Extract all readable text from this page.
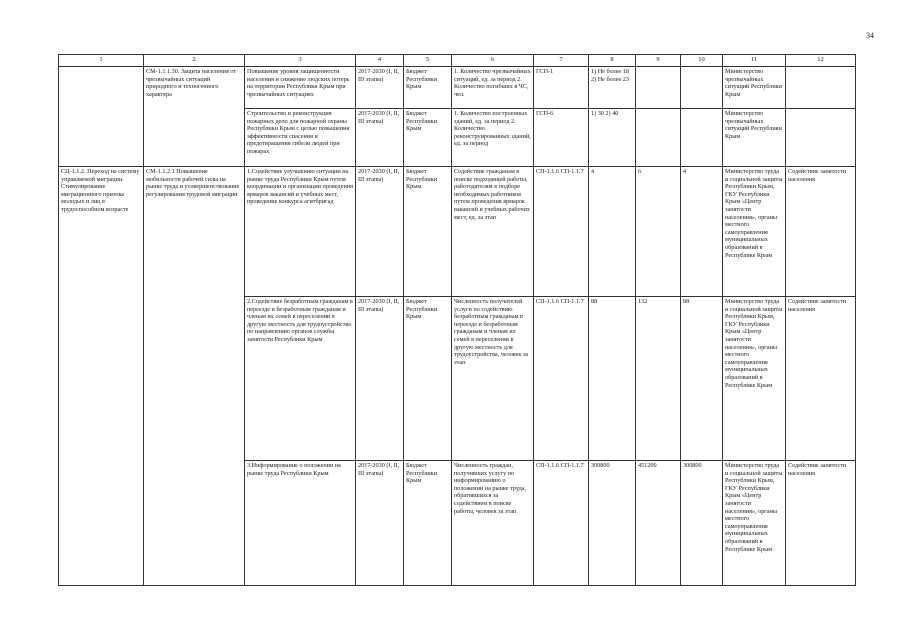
34
1	2	3	4	5	6	7	8	9	10	11	12
	СМ-1.1.1.30. Защита населения от чрезвычайных ситуаций природного и техногенного характера	Повышение уровня защищенности населения и снижение людских потерь на территории Республики Крым при чрезвычайных ситуациях	2017-2030 (I, II, III этапы)	Бюджет Республики Крым	1. Количество чрезвычайных ситуаций, ед. за период 2. Количество погибших в ЧС, чел.	ГСП-1	1) Не более 18 2) Не более 23			Министерство чрезвычайных ситуаций Республики Крым	
		Строительство и реконструкция пожарных депо для пожарной охраны Республики Крым с целью повышения эффективности спасения и предотвращения гибели людей при пожарах	2017-2030 (I, II, III этапы)	Бюджет Республики Крым	1. Количество построенных зданий, ед. за период 2. Количество реконструированных зданий, ед. за период	ГСП-6	1) 30 2) 40			Министерство чрезвычайных ситуаций Республики Крым	
СЦ-1.1.2. Переход на систему управляемой миграции. Стимулирование миграционного притока молодых и лиц в трудоспособном возрасте	СМ-1.1.2.1 Повышение мобильности рабочей силы на рынке труда и усовершенствование регулирования трудовой миграции	1.Содействие улучшению ситуации на рынке труда Республики Крым путем координации и организации проведения ярмарок вакансий и учебных мест, проведение конкурса агитбригад	2017-2030 (I, II, III этапы)	Бюджет Республики Крым	Содействие гражданам в поиске подходящей работы, работодателям в подборе необходимых работников путем проведения ярмарок вакансий и учебных рабочих мест, ед. за этап	СП-1.1.6 СП-1.1.7	4	6	4	Министерство труда и социальной защиты Республики Крым, ГКУ Республики Крым «Центр занятости населения», органы местного самоуправления муниципальных образований в Республике Крым	Содействие занятости населения
		2.Содействие безработным гражданам в переезде и безработным гражданам и членам их семей в переселении в другую местность для трудоустройства по направлению органов службы занятости Республики Крым	2017-2030 (I, II, III этапы)	Бюджет Республики Крым	Численность получателей услуги по содействию безработным гражданам в переезде и безработным гражданам и членам их семей в переселении в другую местность для трудоустройства, человек за этап	СП-1.1.6 СП-1.1.7	88	132	88	Министерство труда и социальной защиты Республики Крым, ГКУ Республики Крым «Центр занятости населения», органы местного самоуправления муниципальных образований в Республике Крым	Содействие занятости населения
		3.Информирование о положении на рынке труда Республики Крым	2017-2030 (I, II, III этапы)	Бюджет Республики Крым	Численность граждан, получивших услугу по информированию о положении на рынке труда, обратившихся за содействием в поиске работы, человек за этап	СП-1.1.6 СП-1.1.7	300800	451200	300800	Министерство труда и социальной защиты Республики Крым, ГКУ Республики Крым «Центр занятости населения», органы местного самоуправления муниципальных образований в Республике Крым	Содействие занятости населения
